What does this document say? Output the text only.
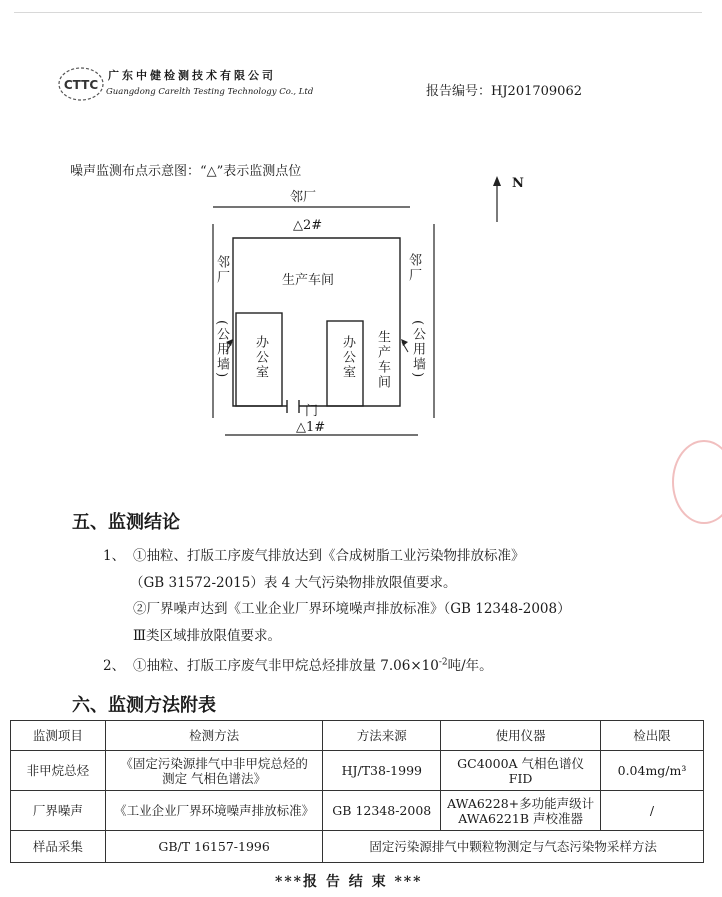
CTTC
广东中健检测技术有限公司
Guangdong Carelth Testing Technology Co., Ltd	报告编号：HJ201709062
噪声监测布点示意图：“△”表示监测点位
N
邻厂
△2#
邻厂	邻厂
生产车间
(公用墙)	(公用墙)
办公室	办公室 生产车间
门
△1#
五、监测结论
1、 ①抽粒、打版工序废气排放达到《合成树脂工业污染物排放标准》
（GB 31572-2015）表 4 大气污染物排放限值要求。
②厂界噪声达到《工业企业厂界环境噪声排放标准》（GB 12348-2008）
Ⅲ类区域排放限值要求。
2、 ①抽粒、打版工序废气非甲烷总烃排放量 $7.06\times 10^{-2}$吨/年。
六、监测方法附表
监测项目	检测方法	方法来源	使用仪器	检出限
非甲烷总烃	《固定污染源排气中非甲烷总烃的
测定 气相色谱法》	HJ/T38-1999	GC4000A 气相色谱仪 FID	0.04mg/m³
厂界噪声	《工业企业厂界环境噪声排放标准》	GB 12348-2008	AWA6228+多功能声级计
AWA6221B 声校准器	/
样品采集	GB/T 16157-1996	固定污染源排气中颗粒物测定与气态污染物采样方法		
***报 告 结 束 ***
